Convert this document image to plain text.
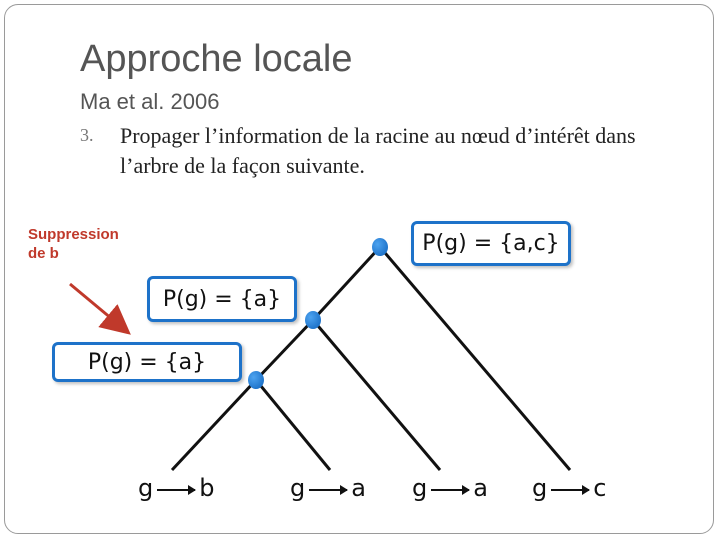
Approche locale
Ma et al. 2006
3. Propager l’information de la racine au nœud d’intérêt dans l’arbre de la façon suivante.
Suppression
de b	P(g) = {a,c}
P(g) = {a}
P(g) = {a}
g b	g a g a g c
